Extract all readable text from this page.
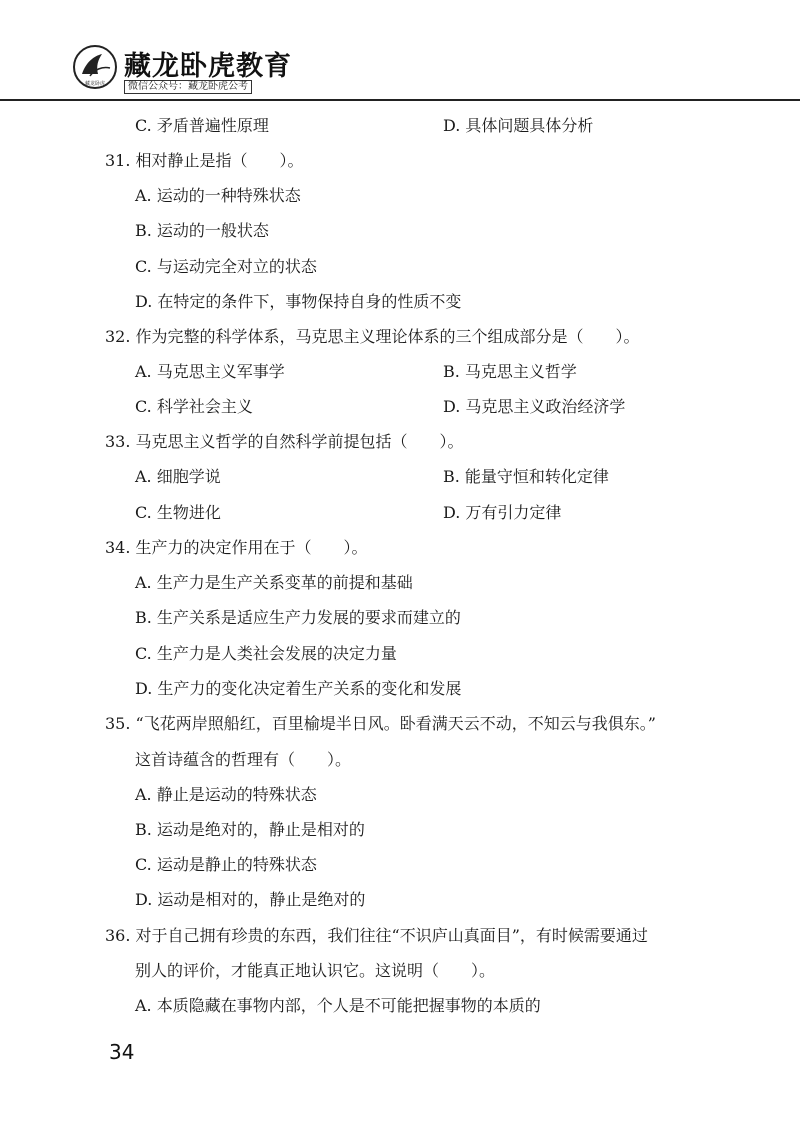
藏龙卧虎
藏龙卧虎教育
微信公众号：藏龙卧虎公考
C. 矛盾普遍性原理	D. 具体问题具体分析
31. 相对静止是指（　　）。
A. 运动的一种特殊状态
B. 运动的一般状态
C. 与运动完全对立的状态
D. 在特定的条件下，事物保持自身的性质不变
32. 作为完整的科学体系，马克思主义理论体系的三个组成部分是（　　）。
A. 马克思主义军事学	B. 马克思主义哲学
C. 科学社会主义	D. 马克思主义政治经济学
33. 马克思主义哲学的自然科学前提包括（　　）。
A. 细胞学说	B. 能量守恒和转化定律
C. 生物进化	D. 万有引力定律
34. 生产力的决定作用在于（　　）。
A. 生产力是生产关系变革的前提和基础
B. 生产关系是适应生产力发展的要求而建立的
C. 生产力是人类社会发展的决定力量
D. 生产力的变化决定着生产关系的变化和发展
35. “飞花两岸照船红，百里榆堤半日风。卧看满天云不动，不知云与我俱东。”
这首诗蕴含的哲理有（　　）。
A. 静止是运动的特殊状态
B. 运动是绝对的，静止是相对的
C. 运动是静止的特殊状态
D. 运动是相对的，静止是绝对的
36. 对于自己拥有珍贵的东西，我们往往“不识庐山真面目”，有时候需要通过
别人的评价，才能真正地认识它。这说明（　　）。
A. 本质隐藏在事物内部，个人是不可能把握事物的本质的
34
